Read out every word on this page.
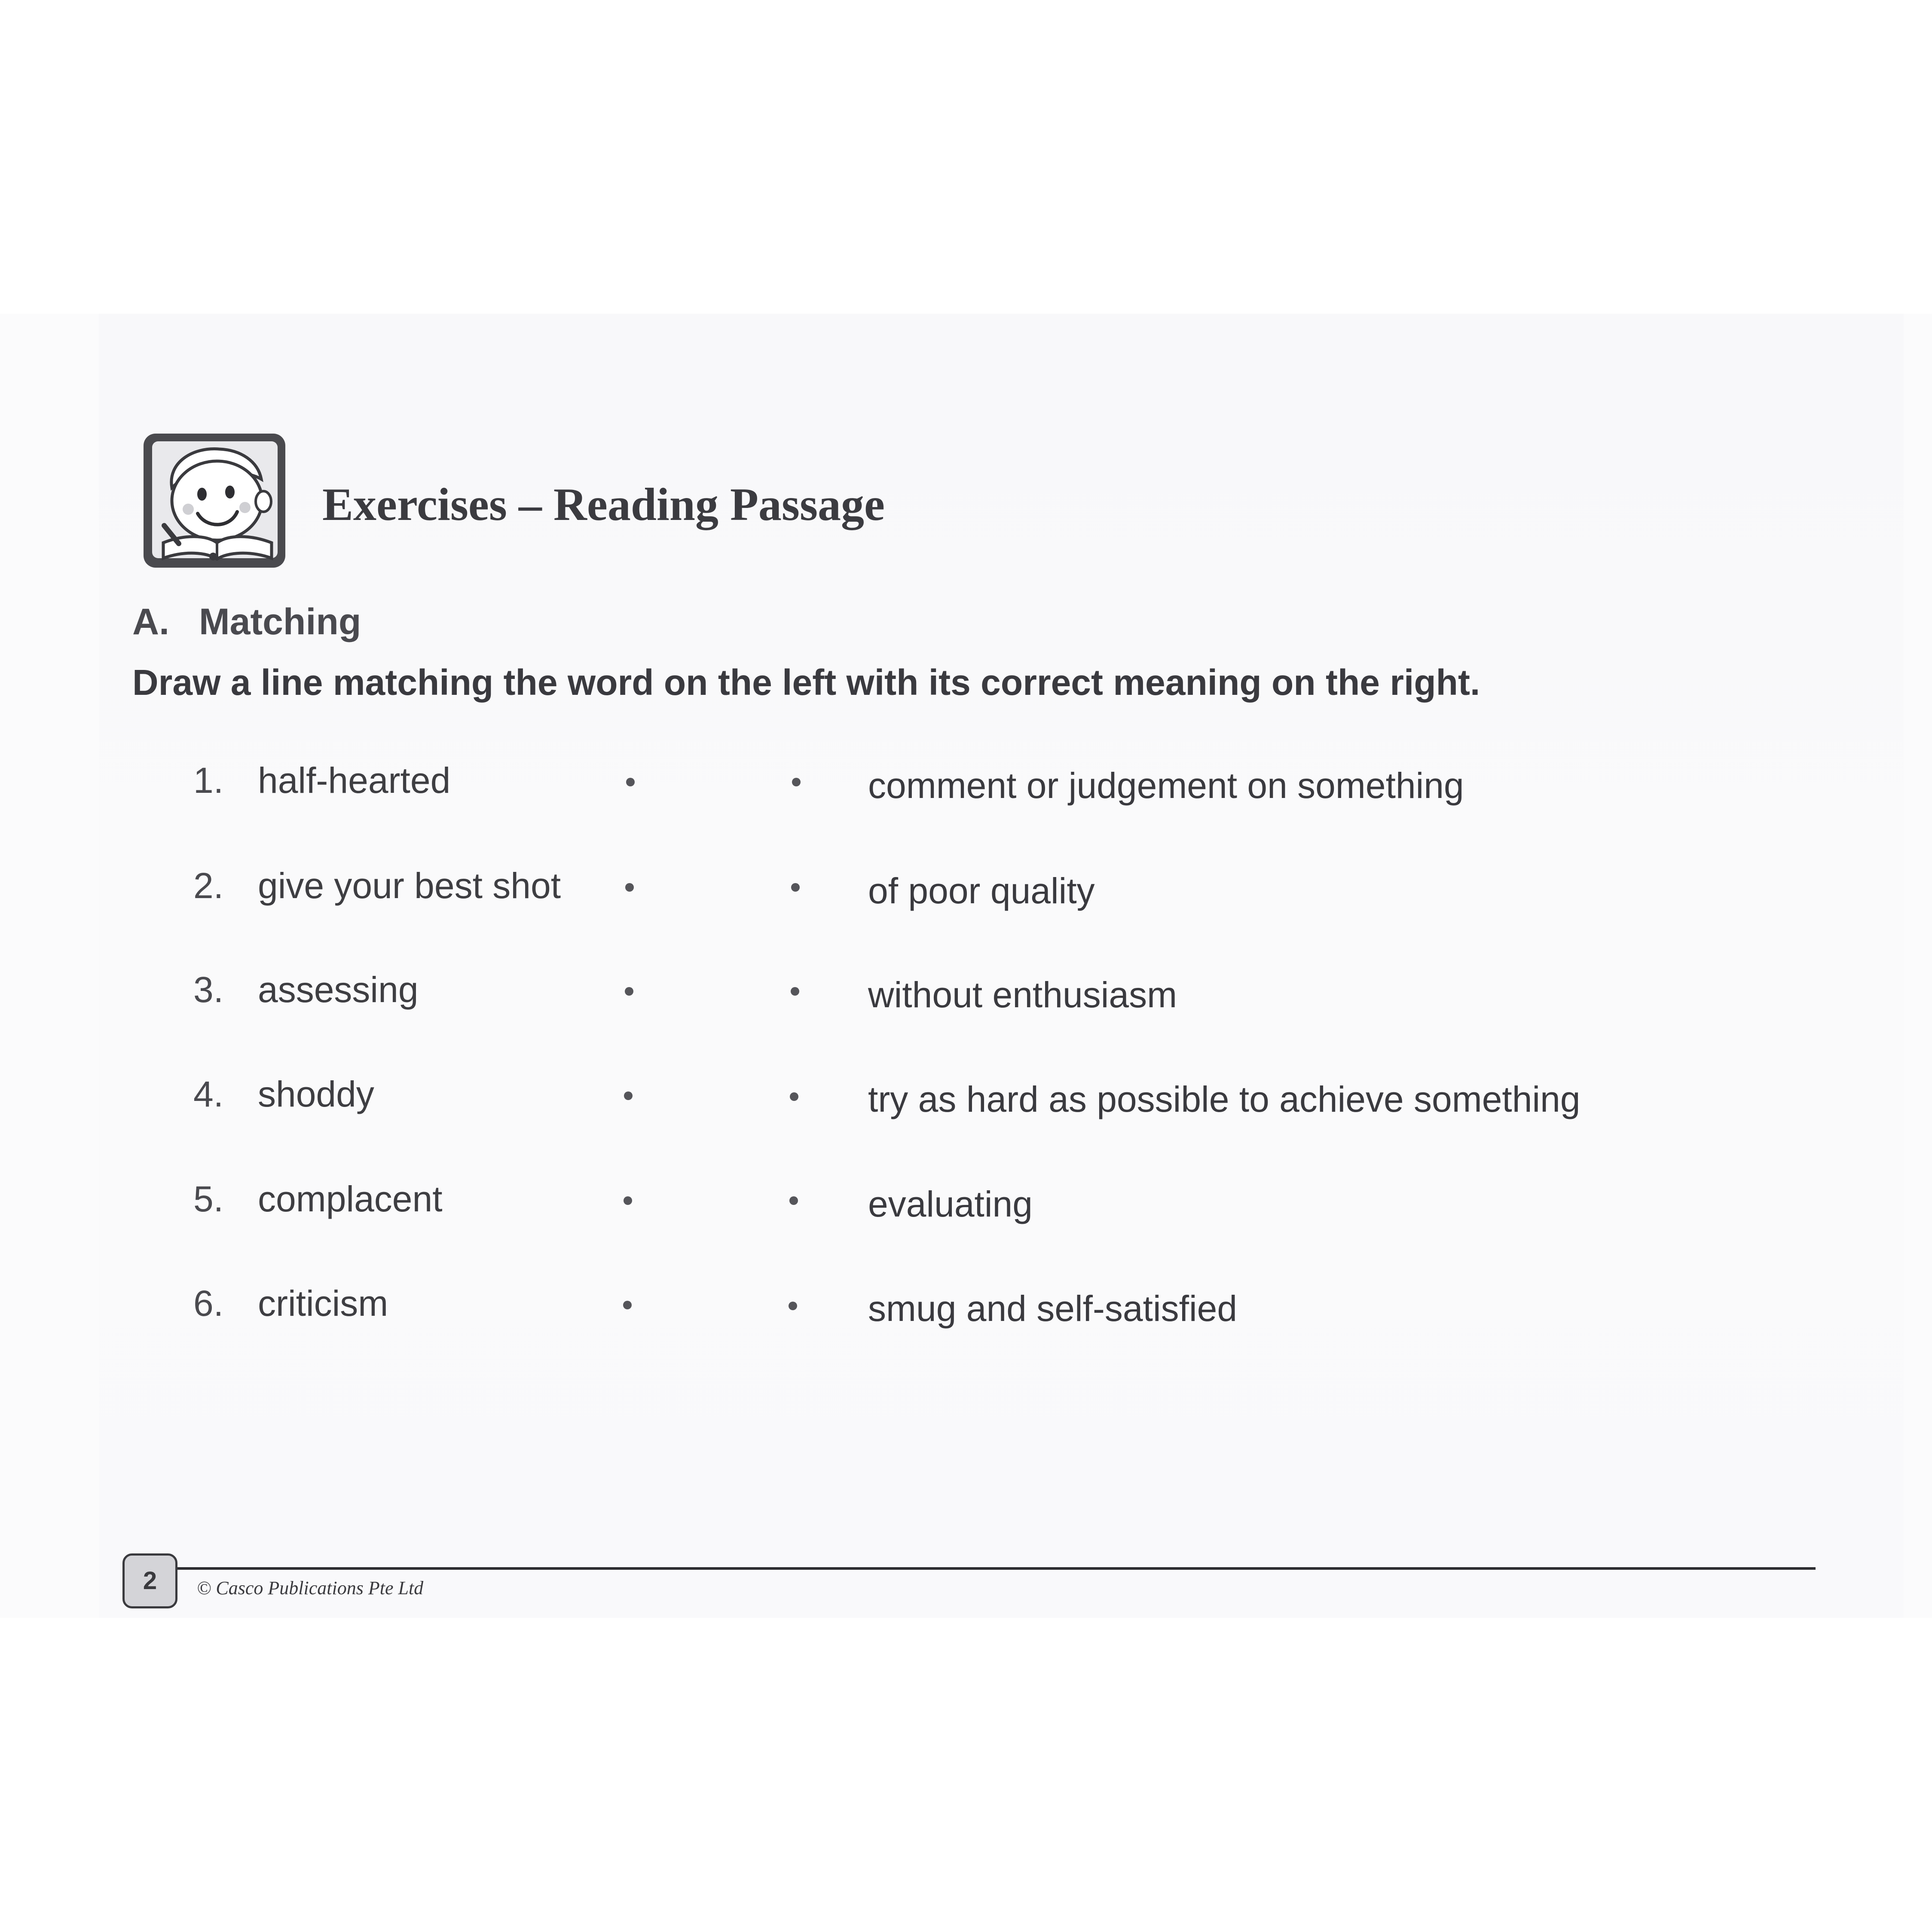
Exercises – Reading Passage
A. Matching
Draw a line matching the word on the left with its correct meaning on the right.
1. half-hearted	comment or judgement on something
2. give your best shot	of poor quality
3. assessing	without enthusiasm
4. shoddy	try as hard as possible to achieve something
5. complacent	evaluating
6. criticism	smug and self-satisfied
2	© Casco Publications Pte Ltd
